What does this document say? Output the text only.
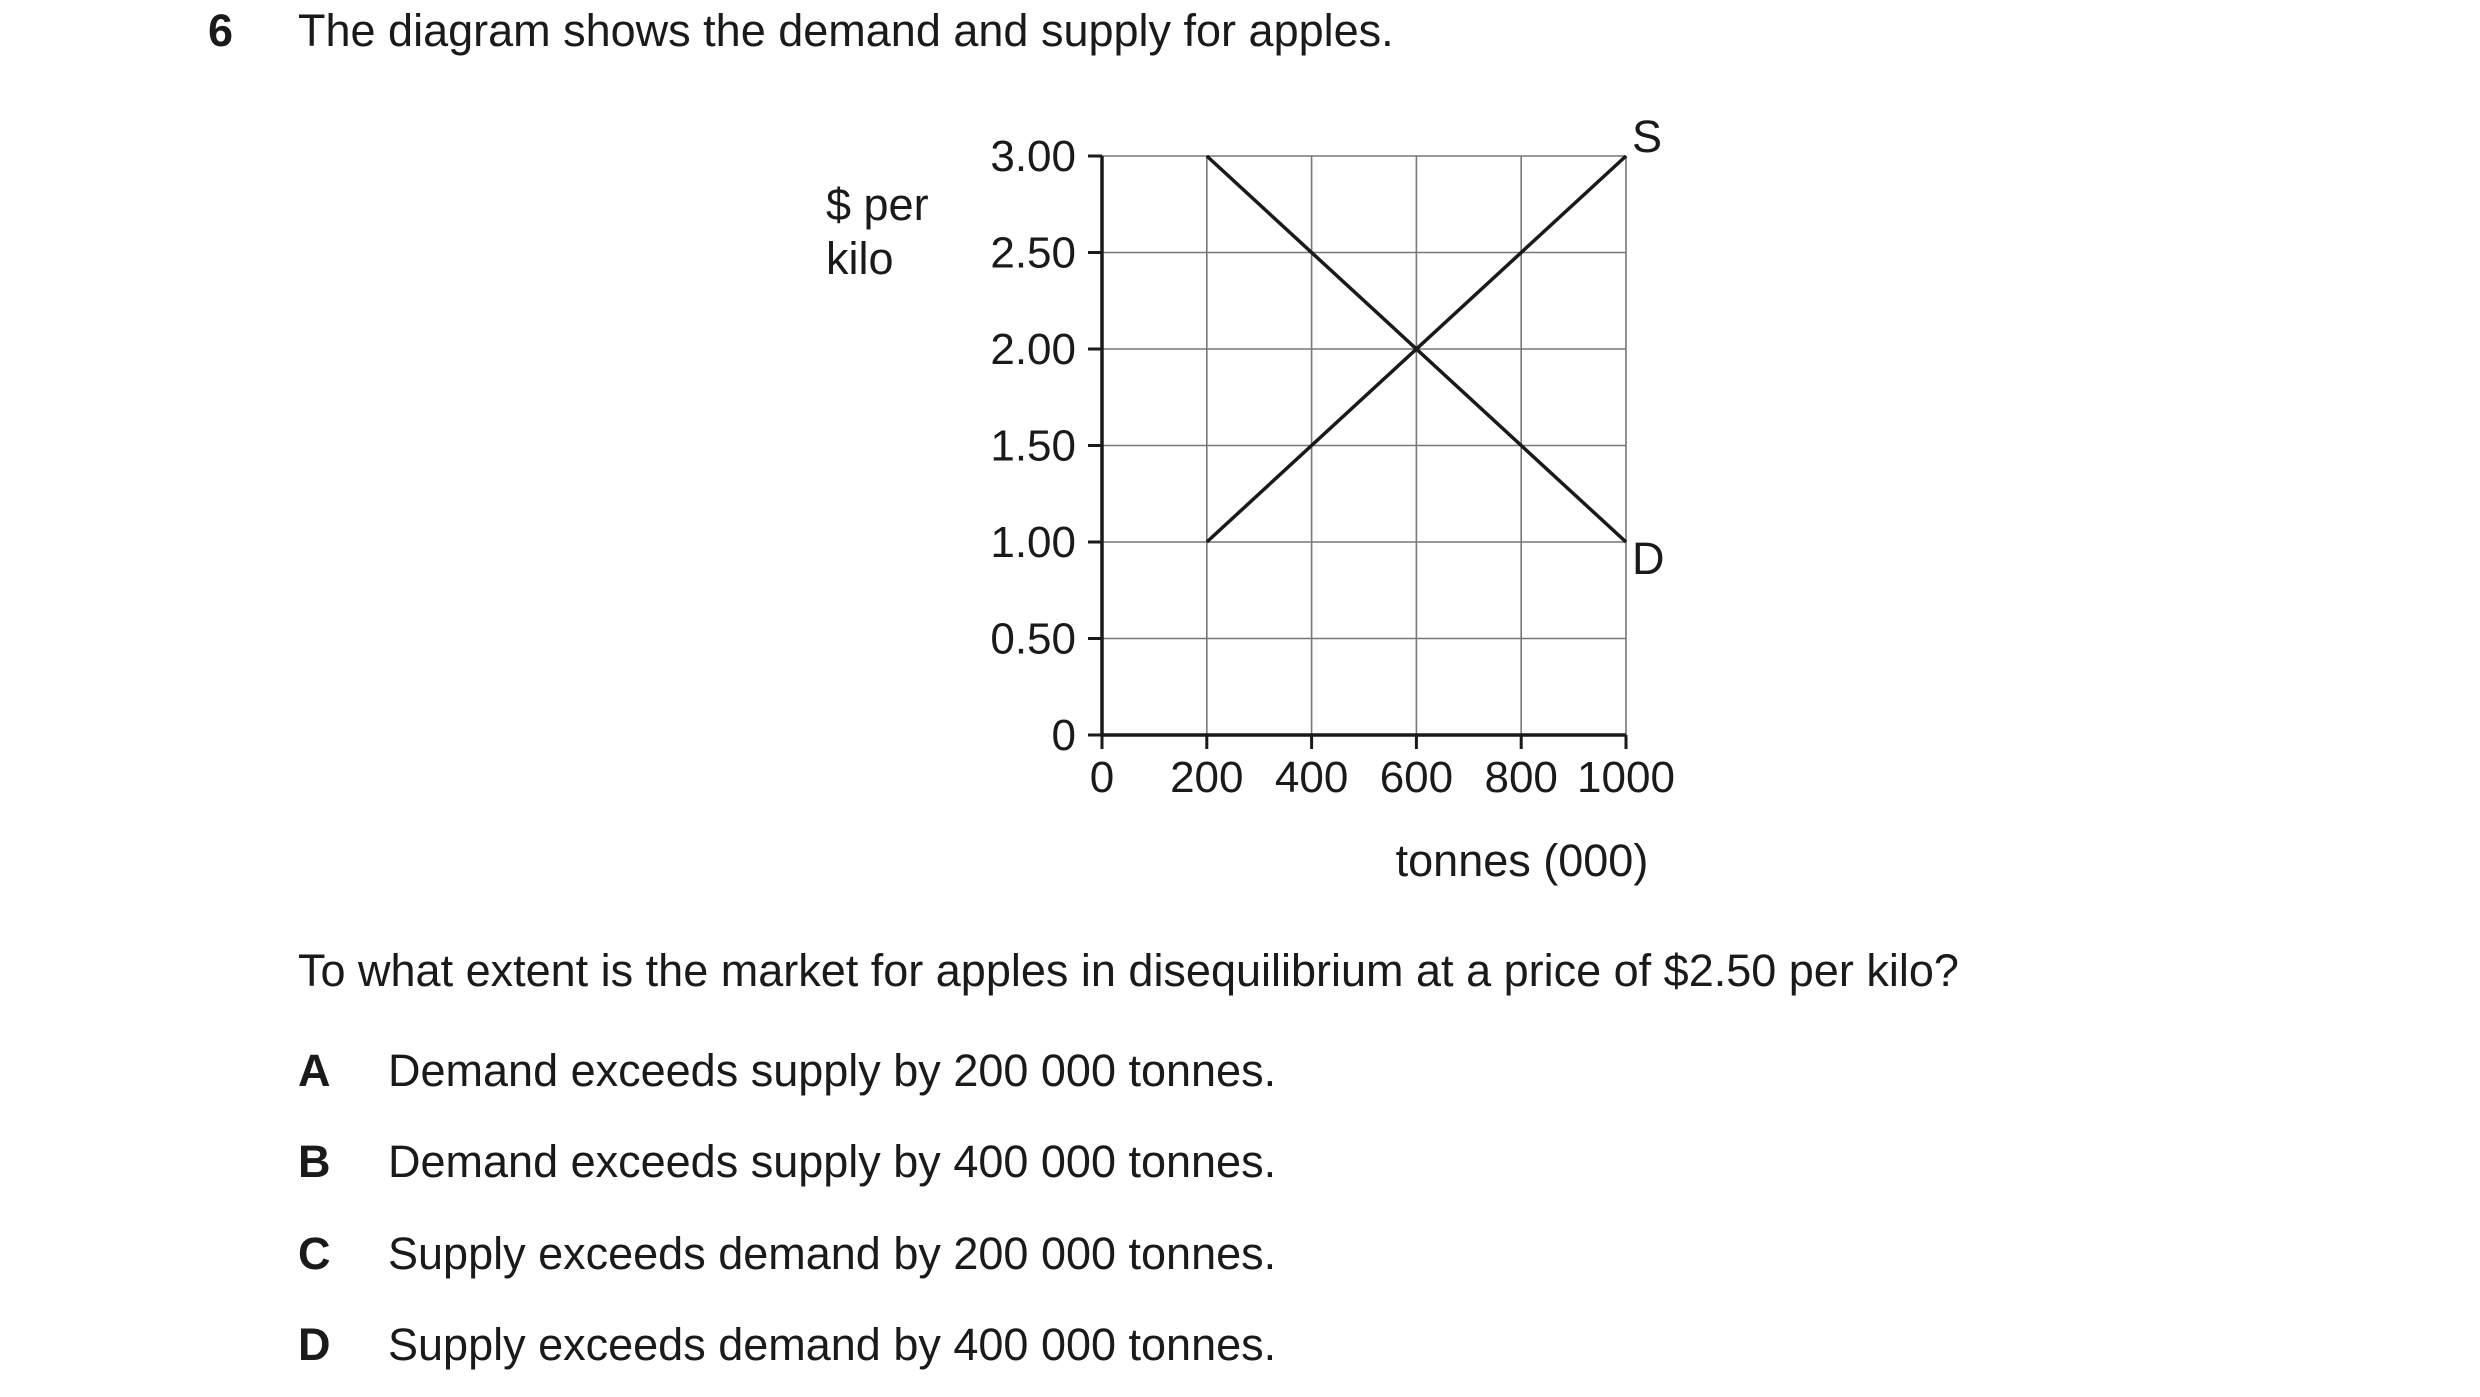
6 The diagram shows the demand and supply for apples.
$ per
kilo
0
0.50
1.00
1.50
2.00
2.50
3.00
0 200 400 600 800 1000
tonnes (000)
S
D
To what extent is the market for apples in disequilibrium at a price of $2.50 per kilo?
A Demand exceeds supply by 200 000 tonnes.
B Demand exceeds supply by 400 000 tonnes.
C Supply exceeds demand by 200 000 tonnes.
D Supply exceeds demand by 400 000 tonnes.
